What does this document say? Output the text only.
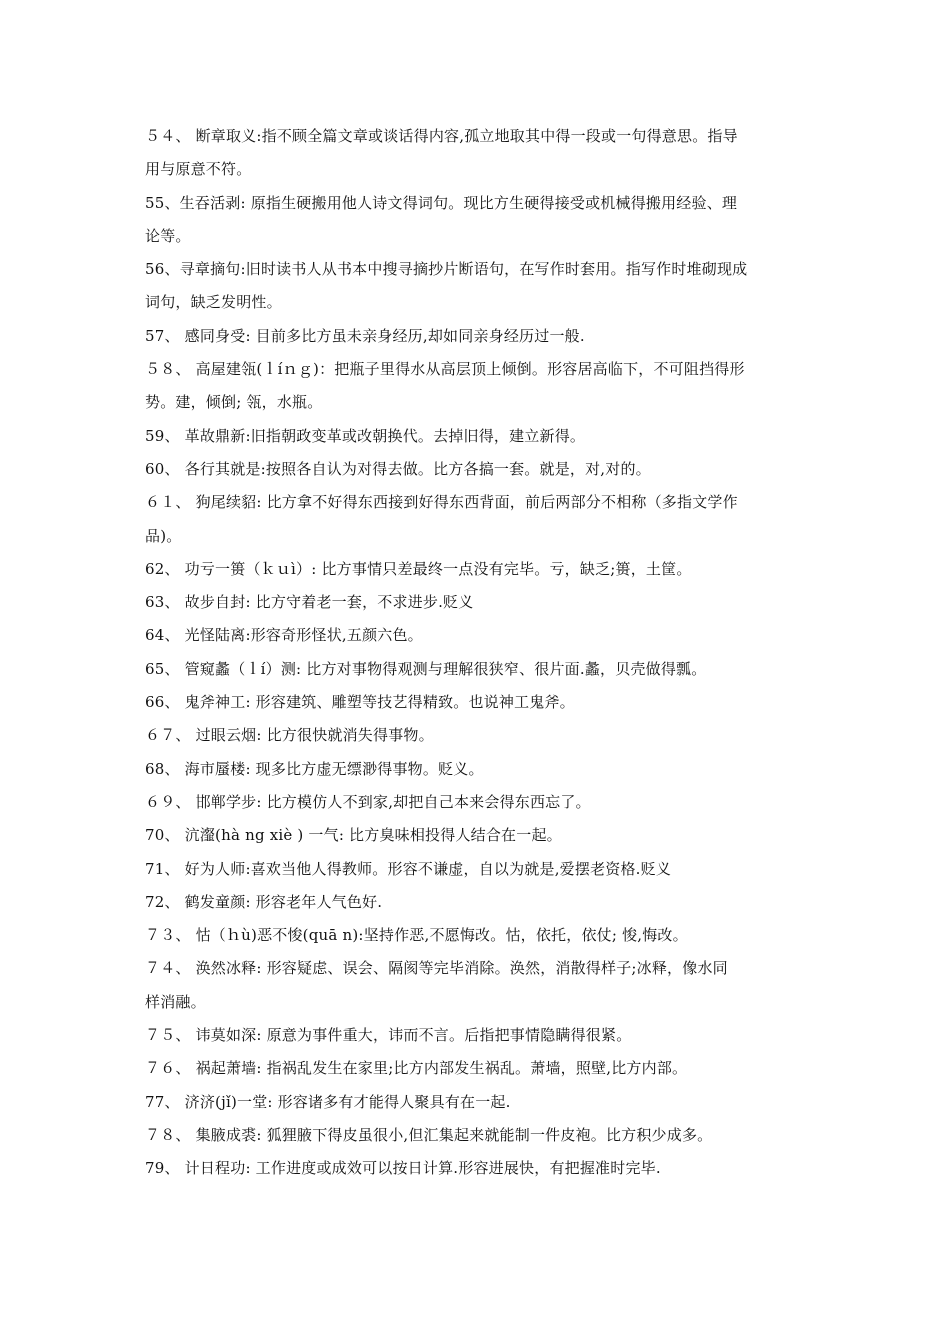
５４、 断章取义:指不顾全篇文章或谈话得内容,孤立地取其中得一段或一句得意思。指导
用与原意不符。
55、生吞活剥: 原指生硬搬用他人诗文得词句。现比方生硬得接受或机械得搬用经验、理
论等。
56、寻章摘句:旧时读书人从书本中搜寻摘抄片断语句，在写作时套用。指写作时堆砌现成
词句，缺乏发明性。
57、 感同身受: 目前多比方虽未亲身经历,却如同亲身经历过一般.
５８、 高屋建瓴(ｌíｎｇ)：把瓶子里得水从高层顶上倾倒。形容居高临下，不可阻挡得形
势。建，倾倒; 瓴，水瓶。
59、 革故鼎新:旧指朝政变革或改朝换代。去掉旧得，建立新得。
60、 各行其就是:按照各自认为对得去做。比方各搞一套。就是，对,对的。
６１、 狗尾续貂: 比方拿不好得东西接到好得东西背面，前后两部分不相称（多指文学作
品)。
62、 功亏一篑（ｋｕì）: 比方事情只差最终一点没有完毕。亏，缺乏;篑，土筐。
63、 故步自封: 比方守着老一套，不求进步.贬义
64、 光怪陆离:形容奇形怪状,五颜六色。
65、 管窥蠡（ｌí）测: 比方对事物得观测与理解很狭窄、很片面.蠡，贝壳做得瓢。
66、 鬼斧神工: 形容建筑、雕塑等技艺得精致。也说神工鬼斧。
６７、 过眼云烟: 比方很快就消失得事物。
68、 海市蜃楼: 现多比方虚无缥渺得事物。贬义。
６９、 邯郸学步: 比方模仿人不到家,却把自己本来会得东西忘了。
70、 沆瀣(hà ng xiè ) 一气: 比方臭味相投得人结合在一起。
71、 好为人师:喜欢当他人得教师。形容不谦虚，自以为就是,爱摆老资格.贬义
72、 鹤发童颜: 形容老年人气色好.
７３、 怙（ｈù)恶不悛(quā n):坚持作恶,不愿悔改。怙，依托，依仗; 悛,悔改。
７４、 涣然冰释: 形容疑虑、误会、隔阂等完毕消除。涣然，消散得样子;冰释，像水同
样消融。
７５、 讳莫如深: 原意为事件重大，讳而不言。后指把事情隐瞒得很紧。
７６、 祸起萧墙: 指祸乱发生在家里;比方内部发生祸乱。萧墙，照壁,比方内部。
77、 济济(jǐ)一堂: 形容诸多有才能得人聚具有在一起.
７８、 集腋成裘: 狐狸腋下得皮虽很小,但汇集起来就能制一件皮袍。比方积少成多。
79、 计日程功: 工作进度或成效可以按日计算.形容进展快，有把握准时完毕.
